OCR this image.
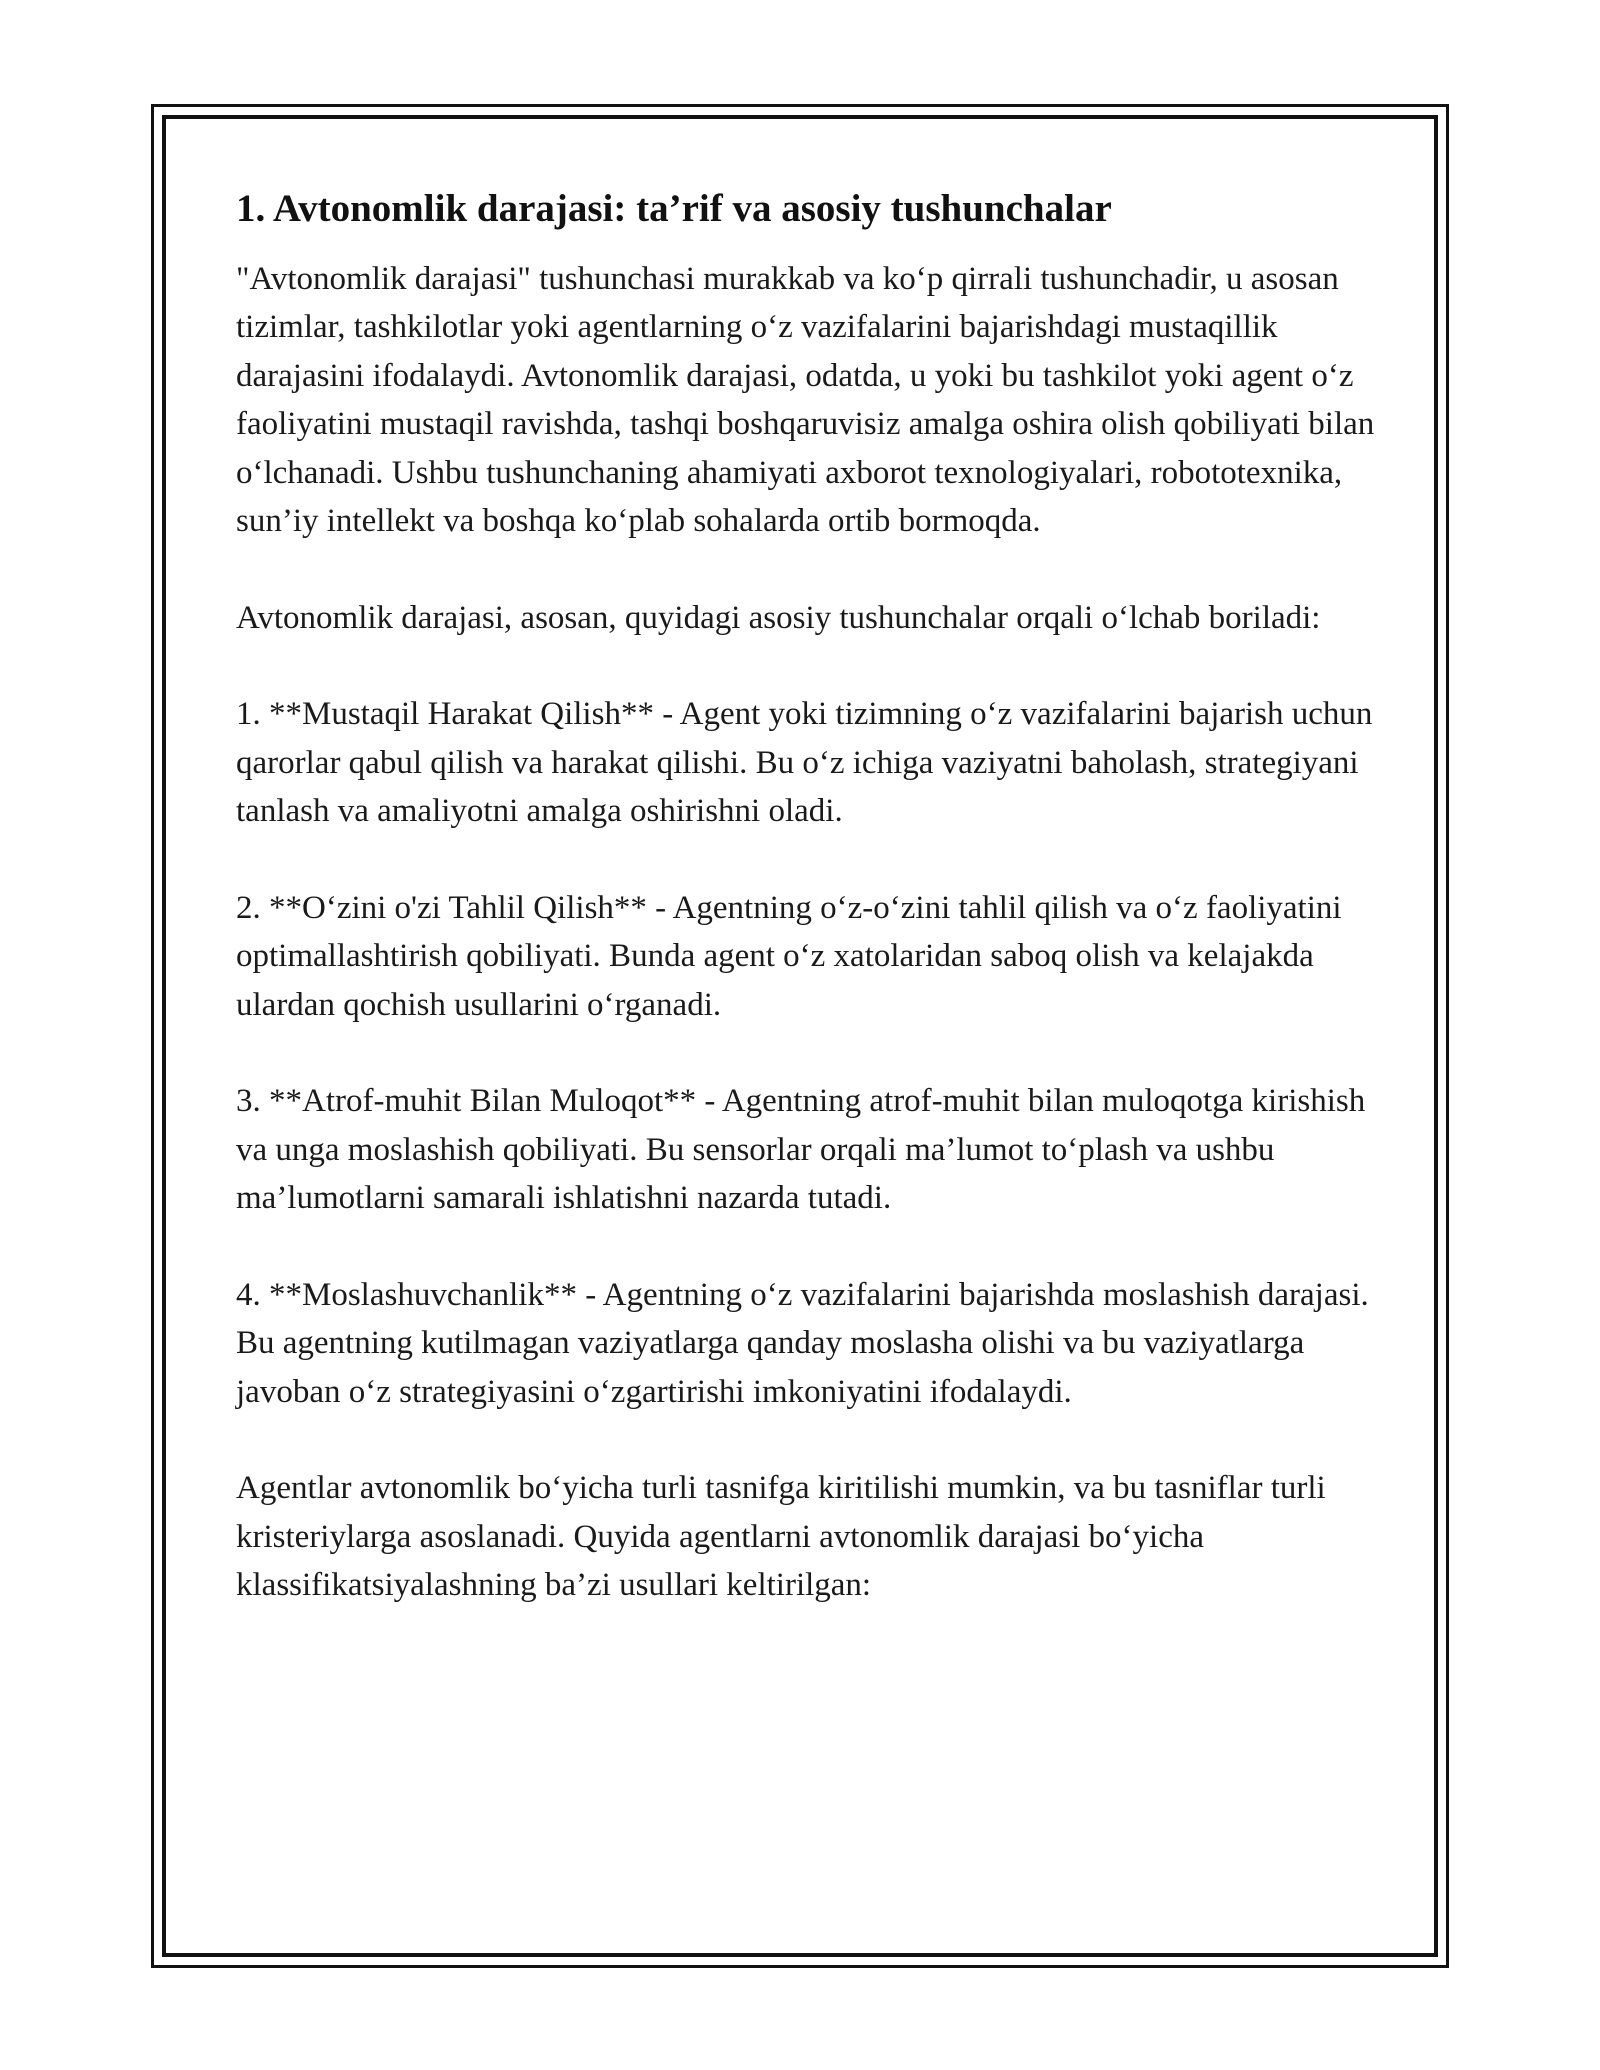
1. Avtonomlik darajasi: ta’rif va asosiy tushunchalar

"Avtonomlik darajasi" tushunchasi murakkab va ko‘p qirrali tushunchadir, u asosan tizimlar, tashkilotlar yoki agentlarning o‘z vazifalarini bajarishdagi mustaqillik darajasini ifodalaydi. Avtonomlik darajasi, odatda, u yoki bu tashkilot yoki agent o‘z faoliyatini mustaqil ravishda, tashqi boshqaruvisiz amalga oshira olish qobiliyati bilan o‘lchanadi. Ushbu tushunchaning ahamiyati axborot texnologiyalari, robototexnika, sun’iy intellekt va boshqa ko‘plab sohalarda ortib bormoqda.

Avtonomlik darajasi, asosan, quyidagi asosiy tushunchalar orqali o‘lchab boriladi:

1. **Mustaqil Harakat Qilish** - Agent yoki tizimning o‘z vazifalarini bajarish uchun qarorlar qabul qilish va harakat qilishi. Bu o‘z ichiga vaziyatni baholash, strategiyani tanlash va amaliyotni amalga oshirishni oladi.

2. **O‘zini o'zi Tahlil Qilish** - Agentning o‘z-o‘zini tahlil qilish va o‘z faoliyatini optimallashtirish qobiliyati. Bunda agent o‘z xatolaridan saboq olish va kelajakda ulardan qochish usullarini o‘rganadi.

3. **Atrof-muhit Bilan Muloqot** - Agentning atrof-muhit bilan muloqotga kirishish va unga moslashish qobiliyati. Bu sensorlar orqali ma’lumot to‘plash va ushbu ma’lumotlarni samarali ishlatishni nazarda tutadi.

4. **Moslashuvchanlik** - Agentning o‘z vazifalarini bajarishda moslashish darajasi. Bu agentning kutilmagan vaziyatlarga qanday moslasha olishi va bu vaziyatlarga javoban o‘z strategiyasini o‘zgartirishi imkoniyatini ifodalaydi.

Agentlar avtonomlik bo‘yicha turli tasnifga kiritilishi mumkin, va bu tasniflar turli kristeriylarga asoslanadi. Quyida agentlarni avtonomlik darajasi bo‘yicha klassifikatsiyalashning ba’zi usullari keltirilgan:
